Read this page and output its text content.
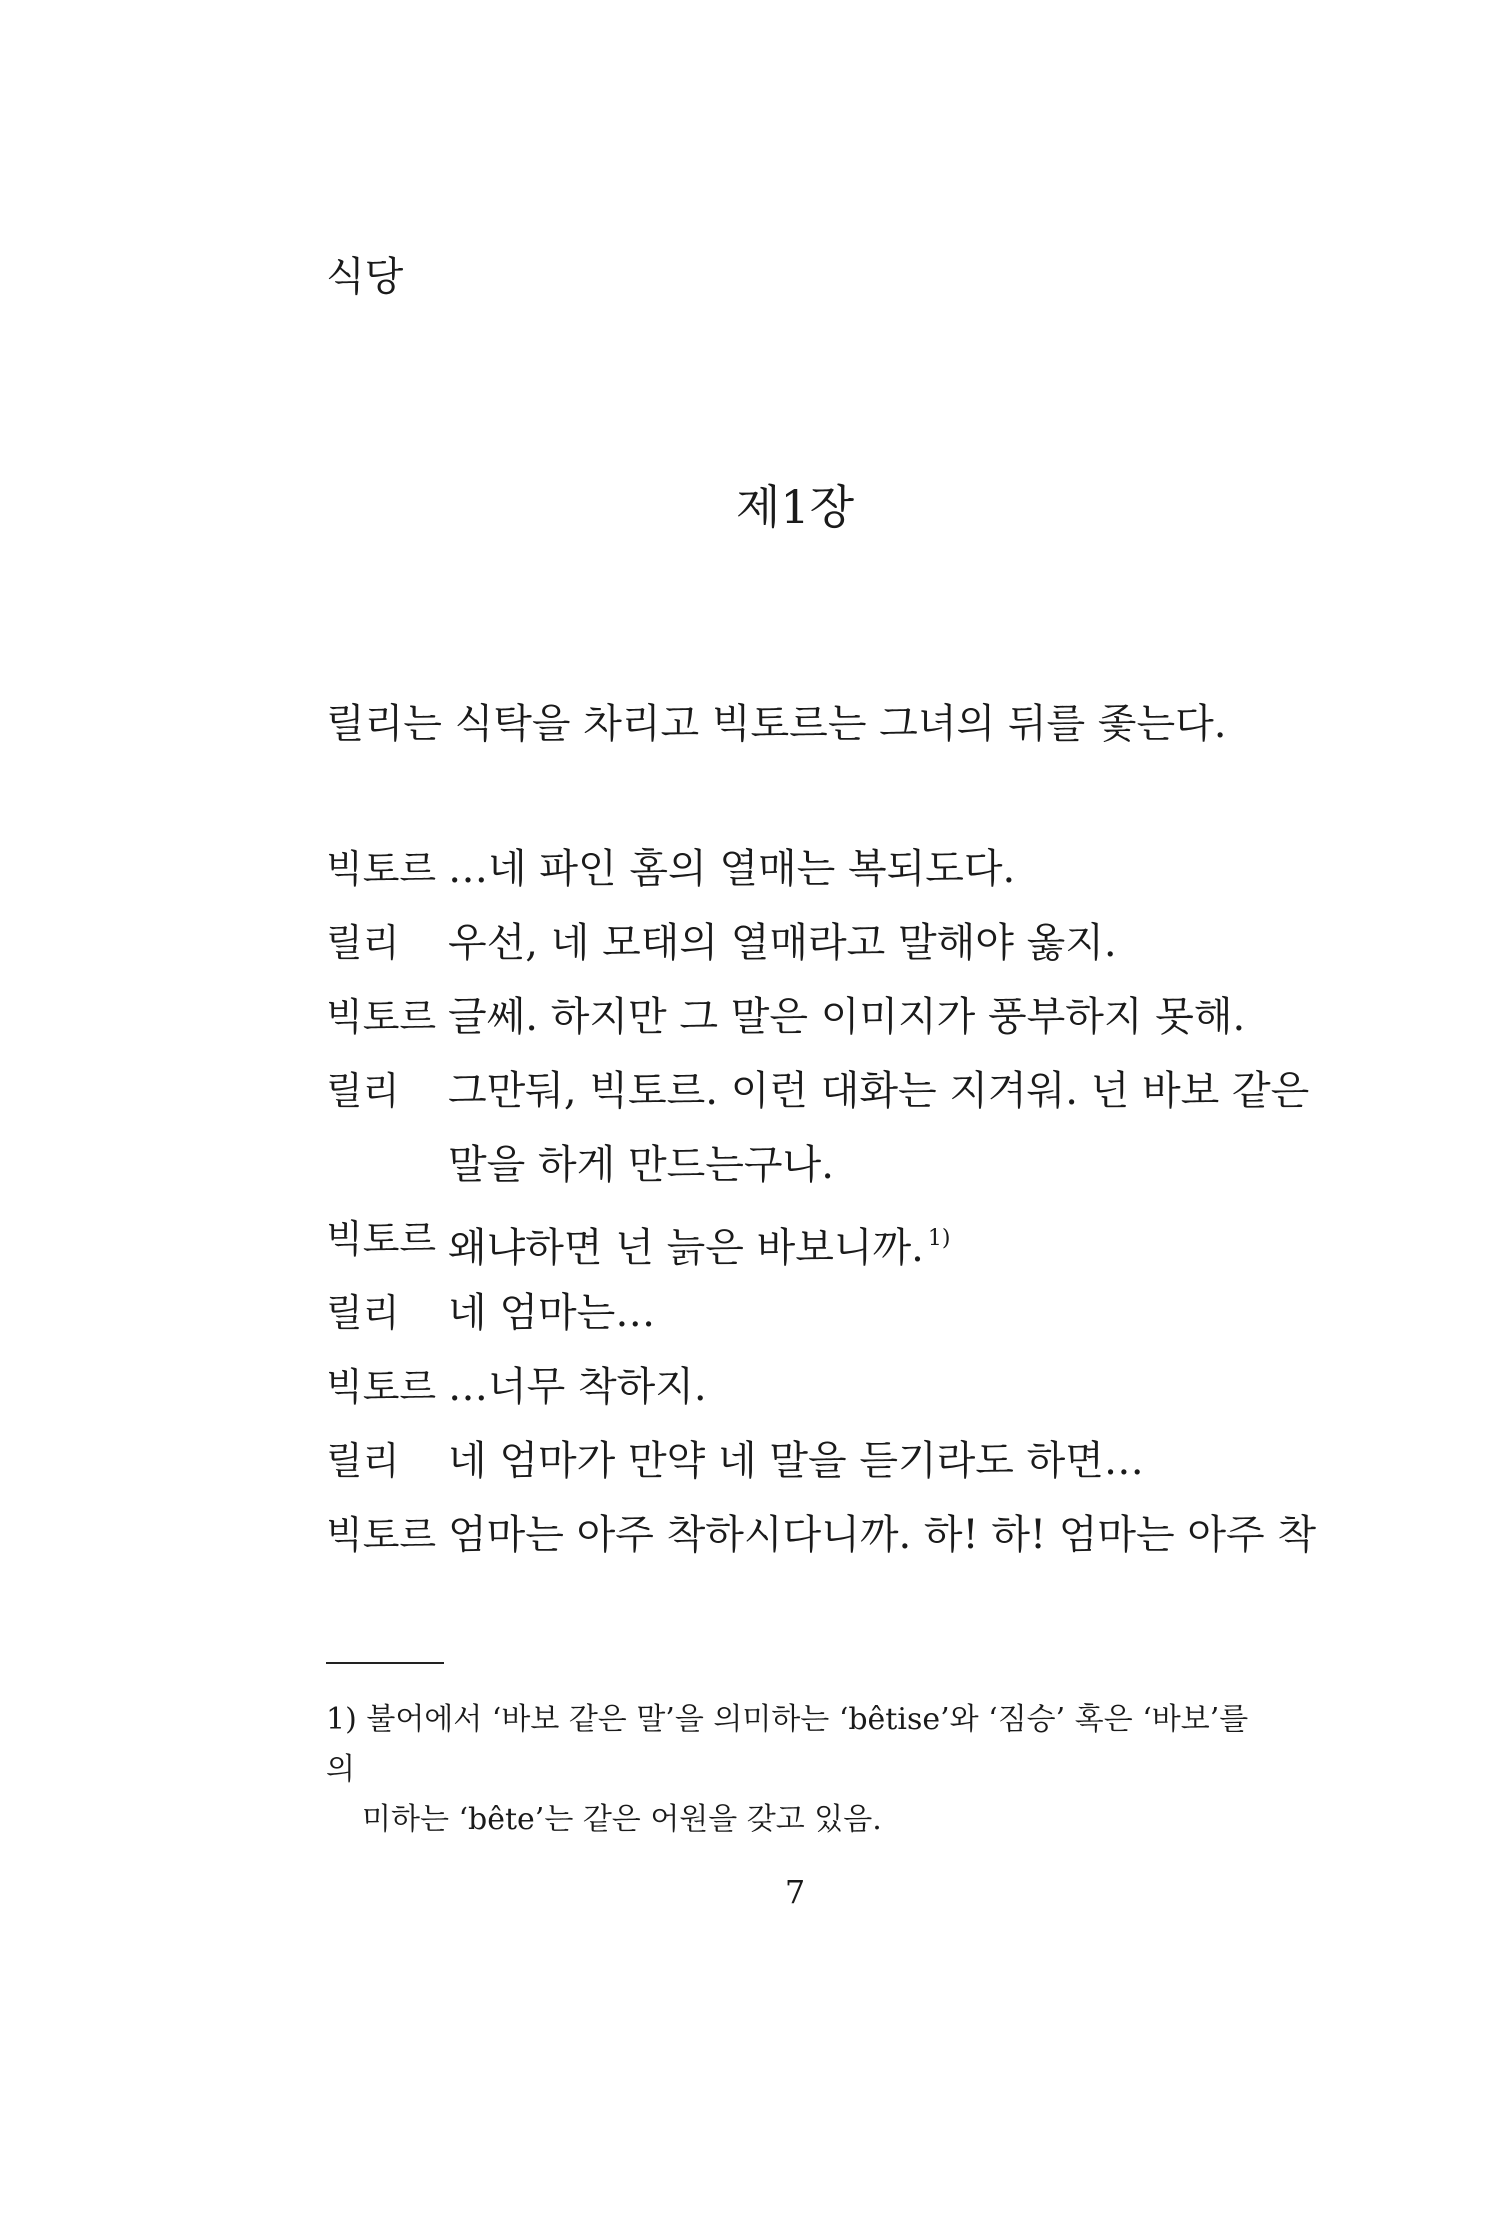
식당
제1장
릴리는 식탁을 차리고 빅토르는 그녀의 뒤를 좇는다.
빅토르 …네 파인 홈의 열매는 복되도다.
릴리	우선, 네 모태의 열매라고 말해야 옳지.
빅토르 글쎄. 하지만 그 말은 이미지가 풍부하지 못해.
릴리	그만둬, 빅토르. 이런 대화는 지겨워. 넌 바보 같은
말을 하게 만드는구나.
빅토르 왜냐하면 넌 늙은 바보니까. $^{1)}$
릴리	네 엄마는…
빅토르 …너무 착하지.
릴리	네 엄마가 만약 네 말을 듣기라도 하면…
빅토르 엄마는 아주 착하시다니까. 하! 하! 엄마는 아주 착
1) 불어에서 ‘바보 같은 말’을 의미하는 ‘bêtise’와 ‘짐승’ 혹은 ‘바보’를 의
미하는 ‘bête’는 같은 어원을 갖고 있음.
7
